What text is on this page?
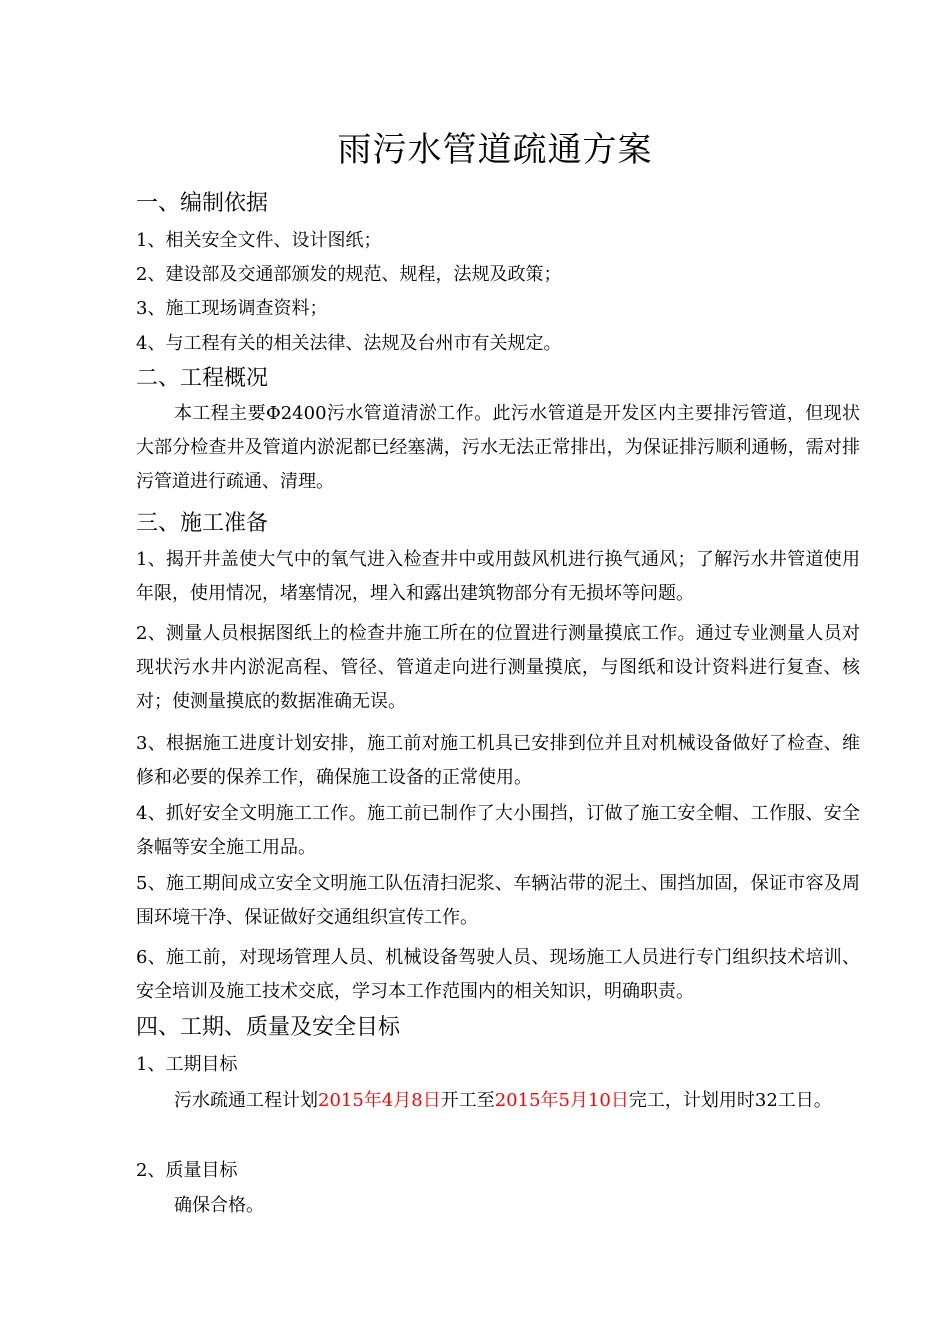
雨污水管道疏通方案
一、编制依据
1、相关安全文件、设计图纸；
2、建设部及交通部颁发的规范、规程，法规及政策；
3、施工现场调查资料；
4、与工程有关的相关法律、法规及台州市有关规定。
二、工程概况
本工程主要Φ2400污水管道清淤工作。此污水管道是开发区内主要排污管道，但现状大部分检查井及管道内淤泥都已经塞满，污水无法正常排出，为保证排污顺利通畅，需对排污管道进行疏通、清理。
三、施工准备
1、揭开井盖使大气中的氧气进入检查井中或用鼓风机进行换气通风；了解污水井管道使用年限，使用情况，堵塞情况，埋入和露出建筑物部分有无损坏等问题。
2、测量人员根据图纸上的检查井施工所在的位置进行测量摸底工作。通过专业测量人员对现状污水井内淤泥高程、管径、管道走向进行测量摸底，与图纸和设计资料进行复查、核对；使测量摸底的数据准确无误。
3、根据施工进度计划安排，施工前对施工机具已安排到位并且对机械设备做好了检查、维修和必要的保养工作，确保施工设备的正常使用。
4、抓好安全文明施工工作。施工前已制作了大小围挡，订做了施工安全帽、工作服、安全条幅等安全施工用品。
5、施工期间成立安全文明施工队伍清扫泥浆、车辆沾带的泥土、围挡加固，保证市容及周围环境干净、保证做好交通组织宣传工作。
6、施工前，对现场管理人员、机械设备驾驶人员、现场施工人员进行专门组织技术培训、安全培训及施工技术交底，学习本工作范围内的相关知识，明确职责。
四、工期、质量及安全目标
1、工期目标
污水疏通工程计划2015年4月8日开工至2015年5月10日完工，计划用时32工日。
2、质量目标
确保合格。
